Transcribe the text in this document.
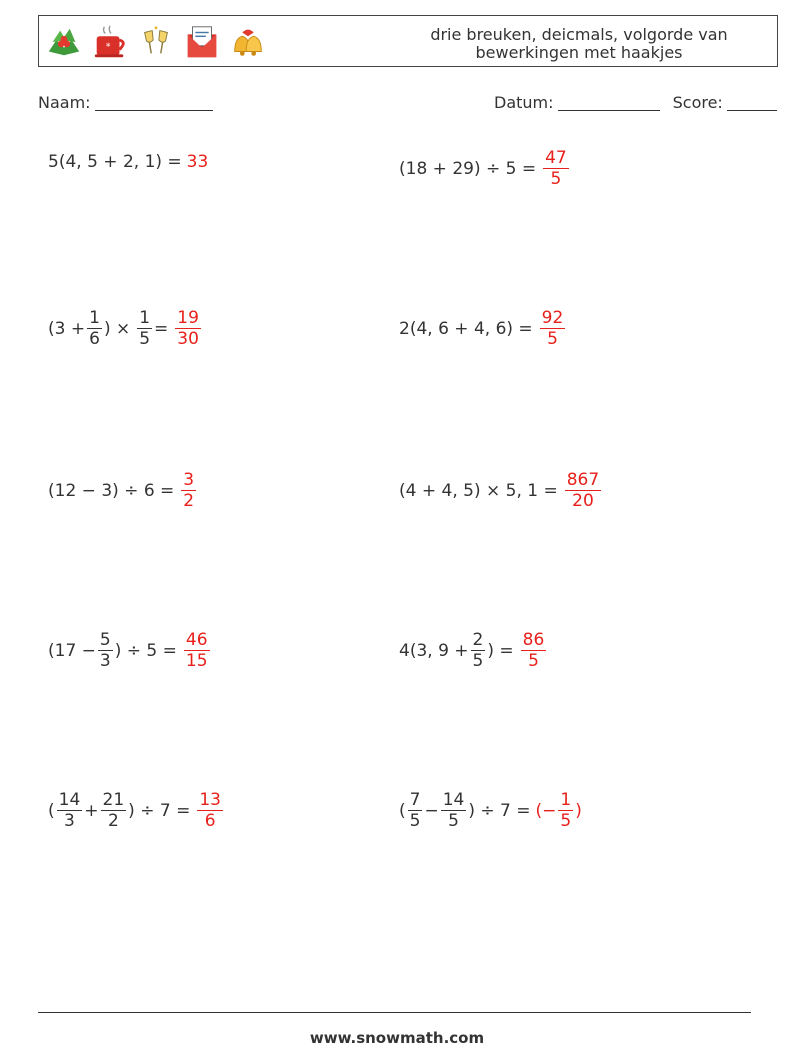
*
drie breuken, deicmals, volgorde van
bewerkingen met haakjes
Naam:	Datum:	Score:
5(4, 5 + 2, 1) = 33	$(18 + 29) \div 5 = \frac{47}{5}$
($3 + \frac{1}{6}$ ) × $\frac{1}{5} = \frac{19}{30}$	2(4, 6 + 4, $6) = \frac{92}{5}$
$(12 - 3) \div 6 = \frac{3}{2}$	(4 + 4, 5) × 5, $1 = \frac{867}{20}$
($17 - \frac{5}{3}$ ) ÷ $5 = \frac{46}{15}$	4(3, $9 + \frac{2}{5}$ ) = $\frac{86}{5}$
( $\frac{14}{3} + \frac{21}{2}$ ) ÷ $7 = \frac{13}{6}$	( $\frac{7}{5} - \frac{14}{5}$ ) ÷ 7 = (− $\frac{1}{5}$ )
www.snowmath.com
